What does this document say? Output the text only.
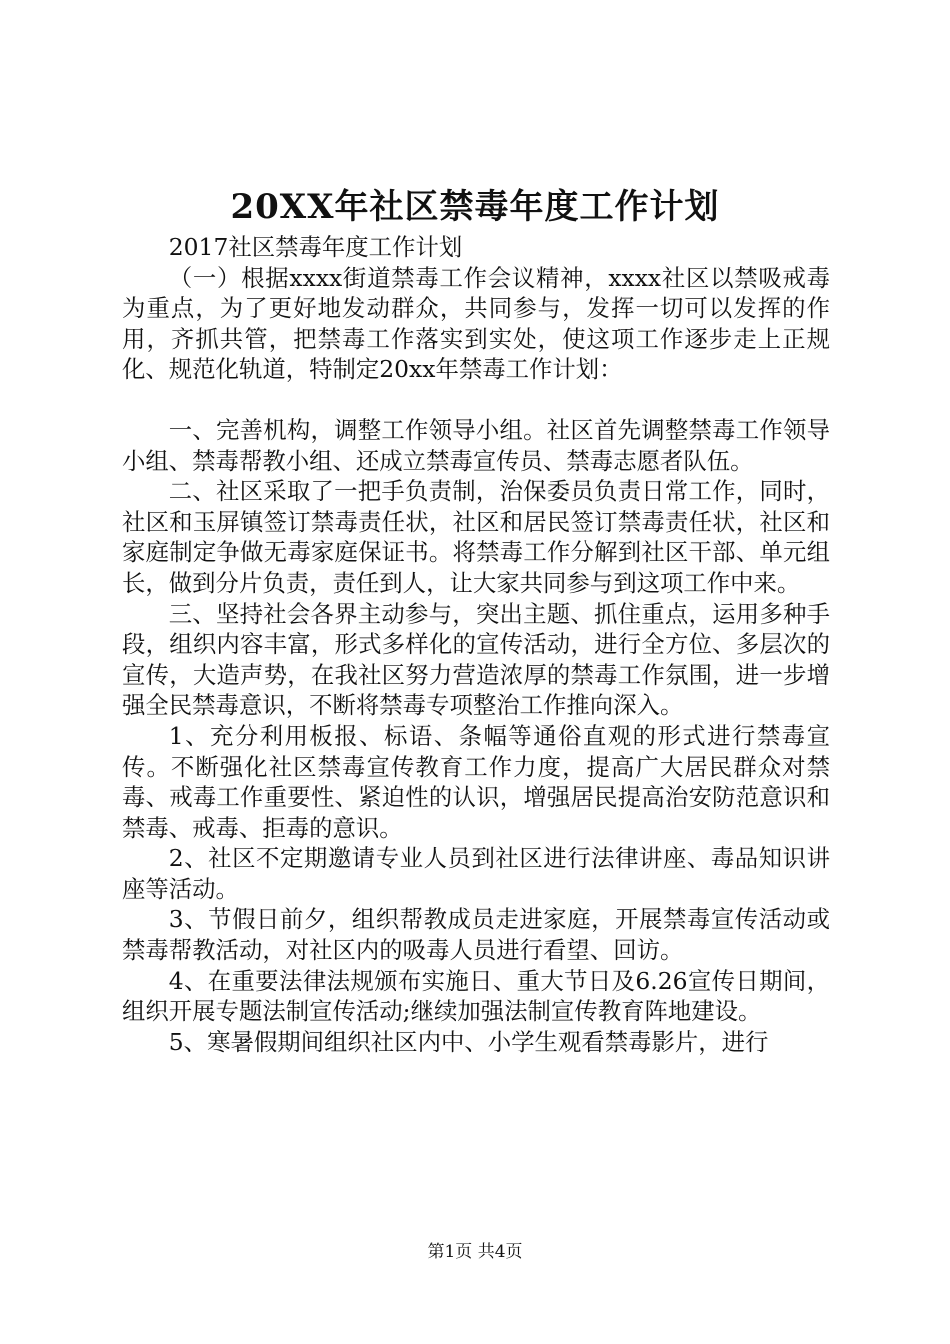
20XX年社区禁毒年度工作计划

2017社区禁毒年度工作计划

（一）根据xxxx街道禁毒工作会议精神，xxxx社区以禁吸戒毒为重点，为了更好地发动群众，共同参与，发挥一切可以发挥的作用，齐抓共管，把禁毒工作落实到实处，使这项工作逐步走上正规化、规范化轨道，特制定20xx年禁毒工作计划：

一、完善机构，调整工作领导小组。社区首先调整禁毒工作领导小组、禁毒帮教小组、还成立禁毒宣传员、禁毒志愿者队伍。

二、社区采取了一把手负责制，治保委员负责日常工作，同时，社区和玉屏镇签订禁毒责任状，社区和居民签订禁毒责任状，社区和家庭制定争做无毒家庭保证书。将禁毒工作分解到社区干部、单元组长，做到分片负责，责任到人，让大家共同参与到这项工作中来。

三、坚持社会各界主动参与，突出主题、抓住重点，运用多种手段，组织内容丰富，形式多样化的宣传活动，进行全方位、多层次的宣传，大造声势，在我社区努力营造浓厚的禁毒工作氛围，进一步增强全民禁毒意识，不断将禁毒专项整治工作推向深入。

1、充分利用板报、标语、条幅等通俗直观的形式进行禁毒宣传。不断强化社区禁毒宣传教育工作力度，提高广大居民群众对禁毒、戒毒工作重要性、紧迫性的认识，增强居民提高治安防范意识和禁毒、戒毒、拒毒的意识。

2、社区不定期邀请专业人员到社区进行法律讲座、毒品知识讲座等活动。

3、节假日前夕，组织帮教成员走进家庭，开展禁毒宣传活动或禁毒帮教活动，对社区内的吸毒人员进行看望、回访。

4、在重要法律法规颁布实施日、重大节日及6.26宣传日期间，组织开展专题法制宣传活动;继续加强法制宣传教育阵地建设。

5、寒暑假期间组织社区内中、小学生观看禁毒影片，进行

第1页 共4页
